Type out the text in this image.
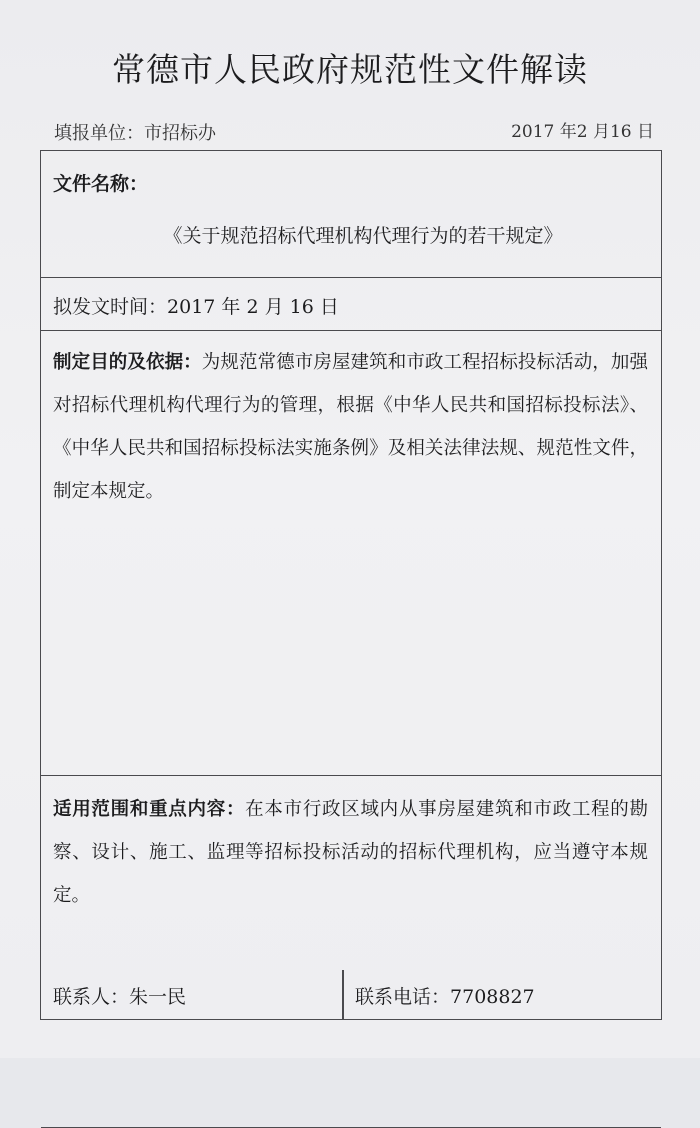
常德市人民政府规范性文件解读
填报单位：市招标办	2017 年2 月16 日
文件名称：
《关于规范招标代理机构代理行为的若干规定》
拟发文时间：2017 年 2 月 16 日
制定目的及依据：为规范常德市房屋建筑和市政工程招标投标活动，加强对招标代理机构代理行为的管理，根据《中华人民共和国招标投标法》、《中华人民共和国招标投标法实施条例》及相关法律法规、规范性文件，制定本规定。
适用范围和重点内容：在本市行政区域内从事房屋建筑和市政工程的勘察、设计、施工、监理等招标投标活动的招标代理机构，应当遵守本规定。
联系人：朱一民	联系电话：7708827
